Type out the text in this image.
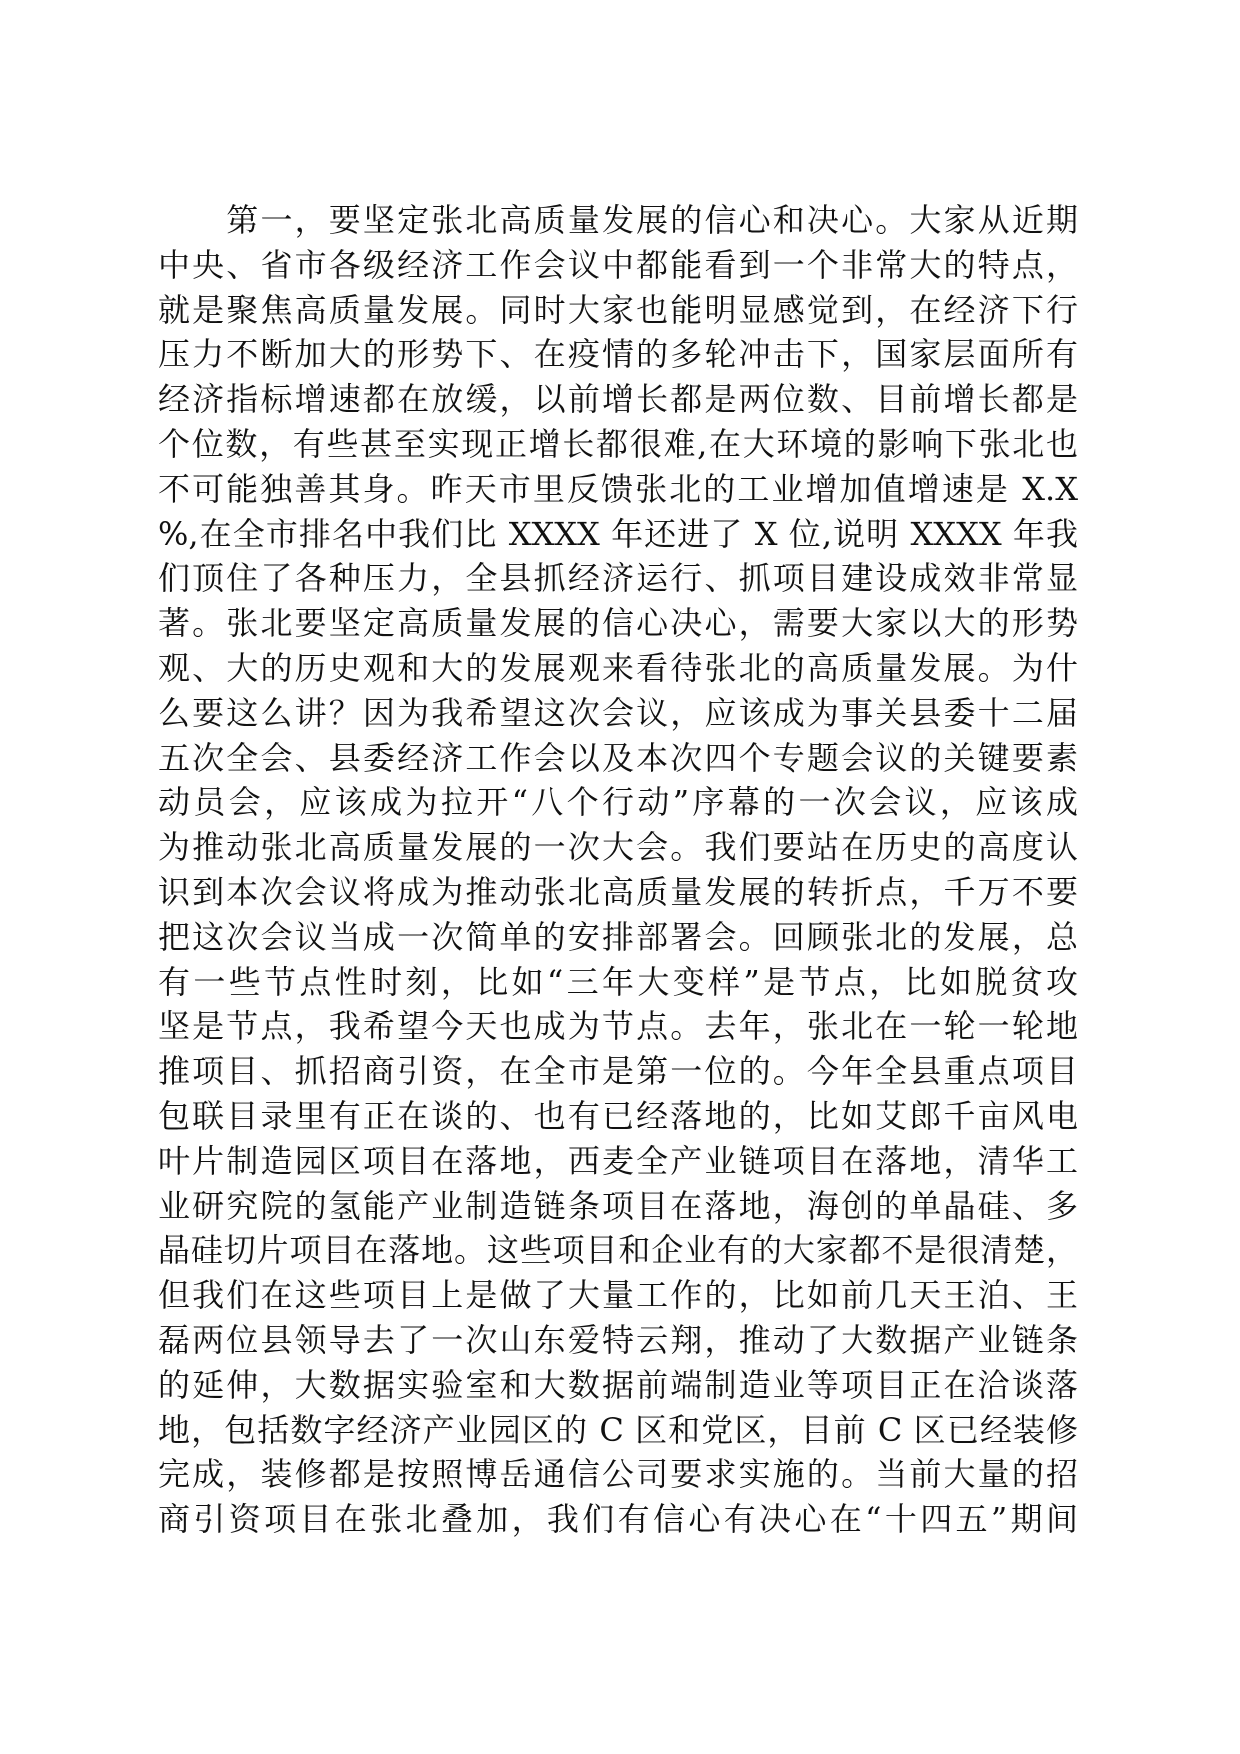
　　第一，要坚定张北高质量发展的信心和决心。大家从近期
中央、省市各级经济工作会议中都能看到一个非常大的特点，
就是聚焦高质量发展。同时大家也能明显感觉到，在经济下行
压力不断加大的形势下、在疫情的多轮冲击下，国家层面所有
经济指标增速都在放缓，以前增长都是两位数、目前增长都是
个位数，有些甚至实现正增长都很难,在大环境的影响下张北也
不可能独善其身。昨天市里反馈张北的工业增加值增速是 X.X
%,在全市排名中我们比 XXXX 年还进了 X 位,说明 XXXX 年我
们顶住了各种压力，全县抓经济运行、抓项目建设成效非常显
著。张北要坚定高质量发展的信心决心，需要大家以大的形势
观、大的历史观和大的发展观来看待张北的高质量发展。为什
么要这么讲？因为我希望这次会议，应该成为事关县委十二届
五次全会、县委经济工作会以及本次四个专题会议的关键要素
动员会，应该成为拉开“八个行动”序幕的一次会议，应该成
为推动张北高质量发展的一次大会。我们要站在历史的高度认
识到本次会议将成为推动张北高质量发展的转折点，千万不要
把这次会议当成一次简单的安排部署会。回顾张北的发展，总
有一些节点性时刻，比如“三年大变样”是节点，比如脱贫攻
坚是节点，我希望今天也成为节点。去年，张北在一轮一轮地
推项目、抓招商引资，在全市是第一位的。今年全县重点项目
包联目录里有正在谈的、也有已经落地的，比如艾郎千亩风电
叶片制造园区项目在落地，西麦全产业链项目在落地，清华工
业研究院的氢能产业制造链条项目在落地，海创的单晶硅、多
晶硅切片项目在落地。这些项目和企业有的大家都不是很清楚，
但我们在这些项目上是做了大量工作的，比如前几天王泊、王
磊两位县领导去了一次山东爱特云翔，推动了大数据产业链条
的延伸，大数据实验室和大数据前端制造业等项目正在洽谈落
地，包括数字经济产业园区的 C 区和党区，目前 C 区已经装修
完成，装修都是按照博岳通信公司要求实施的。当前大量的招
商引资项目在张北叠加，我们有信心有决心在“十四五”期间
